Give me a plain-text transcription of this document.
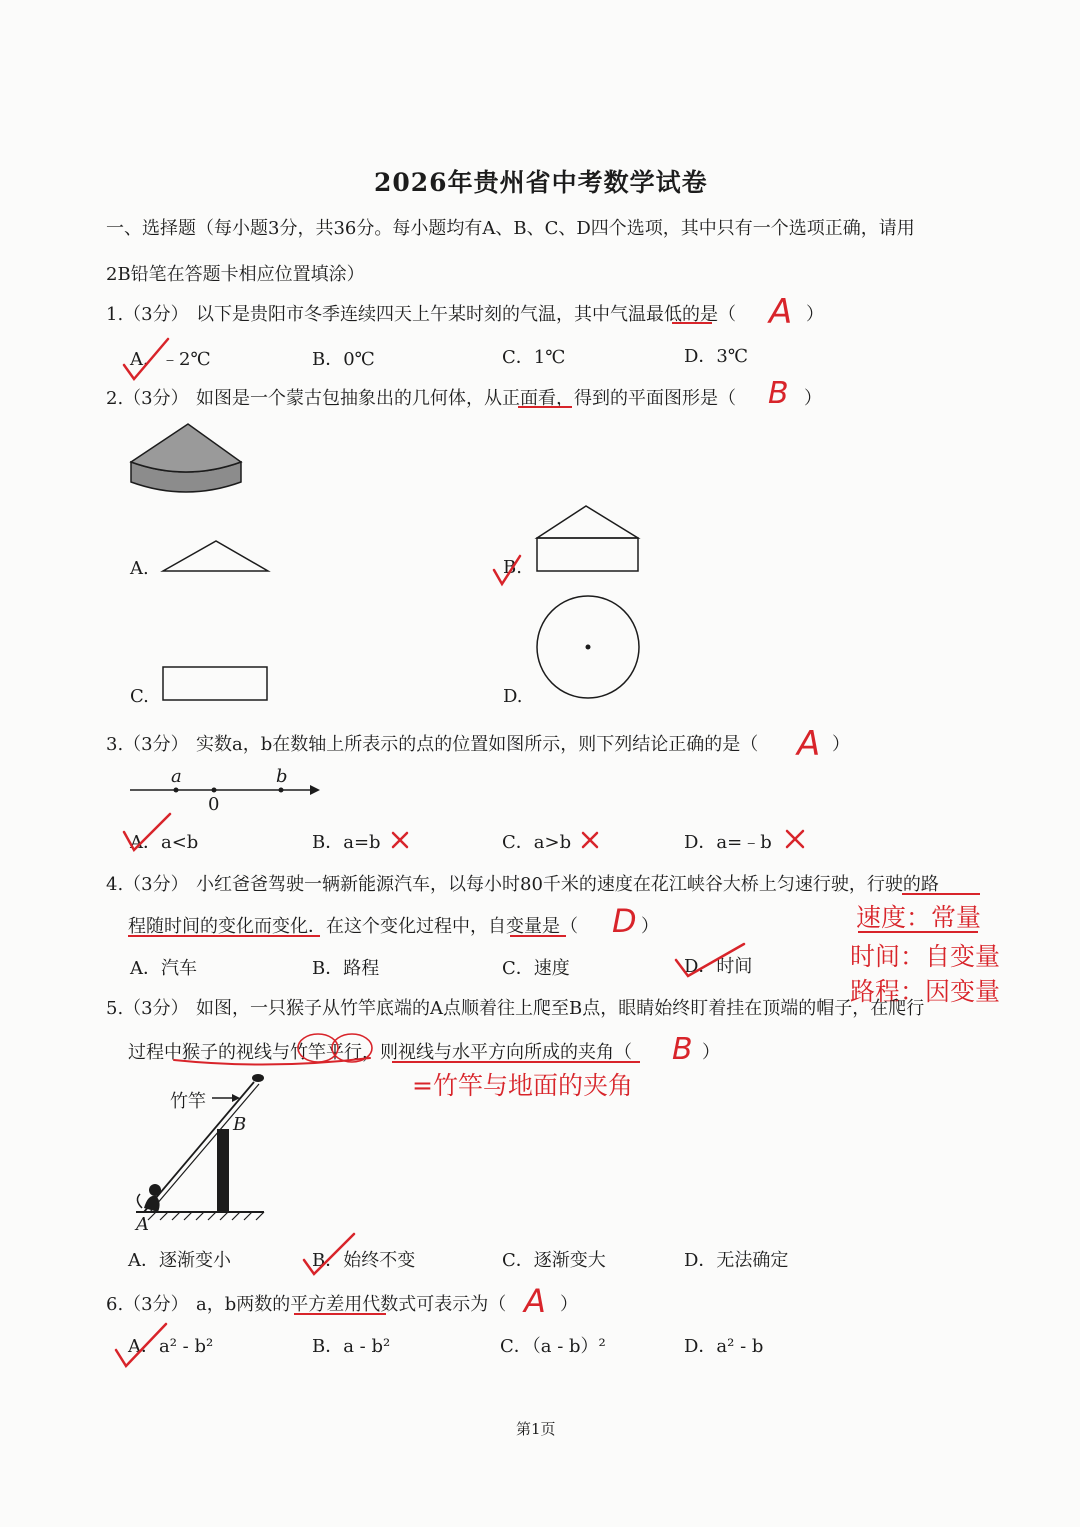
2026年贵州省中考数学试卷
一、选择题（每小题3分，共36分。每小题均有A、B、C、D四个选项，其中只有一个选项正确，请用
2B铅笔在答题卡相应位置填涂）
1.（3分） 以下是贵阳市冬季连续四天上午某时刻的气温，其中气温最低的是（ A ）
A．﹣2℃	B．0℃	C．1℃	D．3℃
2.（3分） 如图是一个蒙古包抽象出的几何体，从正面看，得到的平面图形是（ B ）
A.	B.
C.	D.
3.（3分） 实数a，b在数轴上所表示的点的位置如图所示，则下列结论正确的是（ A ）
a
0
b
A．a<b	B．a=b	C．a>b	D．a=﹣b
4.（3分） 小红爸爸驾驶一辆新能源汽车，以每小时80千米的速度在花江峡谷大桥上匀速行驶，行驶的路
程随时间的变化而变化．在这个变化过程中，自变量是（ D ）
A．汽车	B．路程	C．速度	D．时间
速度：常量
时间：自变量
路程：因变量
5.（3分） 如图，一只猴子从竹竿底端的A点顺着往上爬至B点，眼睛始终盯着挂在顶端的帽子，在爬行
过程中猴子的视线与竹竿平行，则视线与水平方向所成的夹角（ B ）
=竹竿与地面的夹角
竹竿
B
A
A．逐渐变小	B．始终不变	C．逐渐变大	D．无法确定
6.（3分） a，b两数的平方差用代数式可表示为（ A ）
A．a² - b²	B．a - b²	C．（a - b）²	D．a² - b
第1页
